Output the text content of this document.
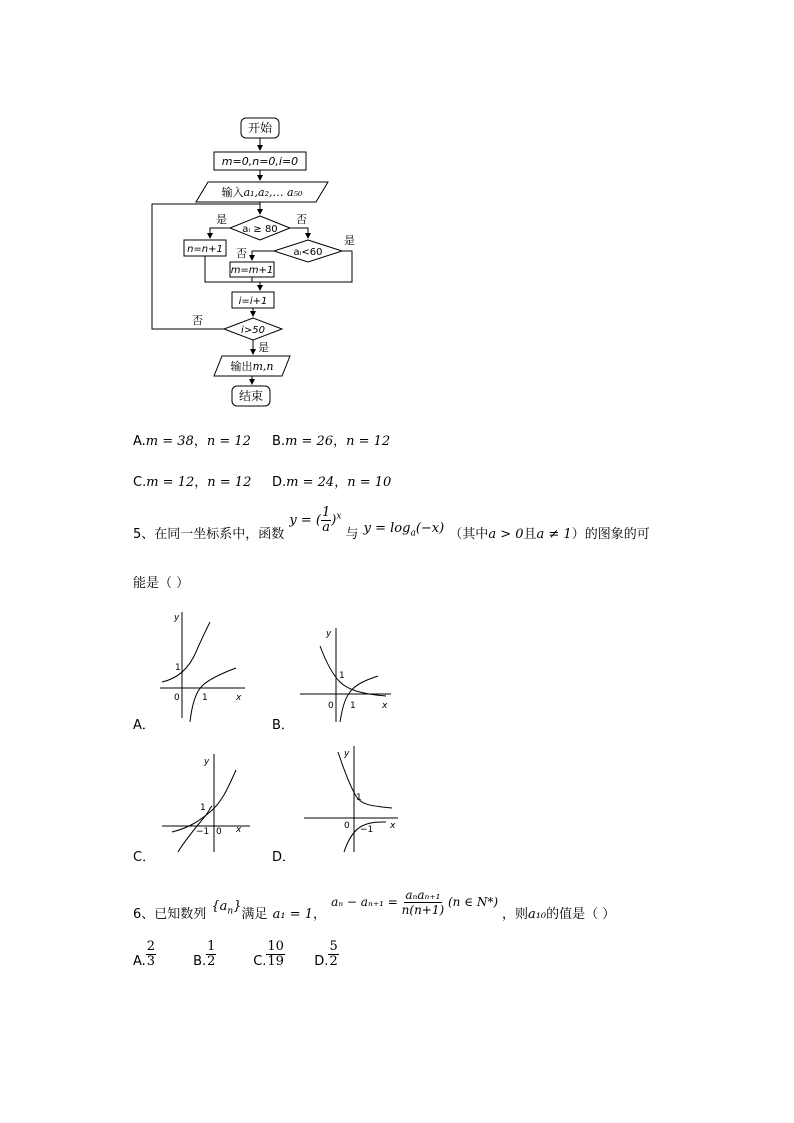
开始
m=0,n=0,i=0
输入a₁,a₂,… a₅₀
aᵢ ≥ 80
是
n=n+1
否
aᵢ<60
是
否
m=m+1
i=i+1
i>50
否
是
输出m,n
结束
A.m = 38，n = 12 B.m = 26，n = 12
C.m = 12，n = 12 D.m = 24，n = 10
5、在同一坐标系中，函数 $^{y = ( \frac{1}{a} )^x}$ 与 $^{y = log_a(-x)}$ （其中a > 0且a ≠ 1）的图象的可
能是（ ）
y
x
0
1
1
A．
y
x
0
1
1
B．
y
x
0
1
−1
C．
y
x
0
1
−1
D．
6、已知数列 $^{\{a_n\}}$满足 a₁ = 1， $^{a_n - a_{n+1} = a_na_{n+1} n(n+1) (n \in N*)}$ ，则a₁₀的值是（ ）
A. $\frac{2}{3}$	B. $\frac{1}{2}$	C. $\frac{10}{19} D$. $\frac{5}{2}$
